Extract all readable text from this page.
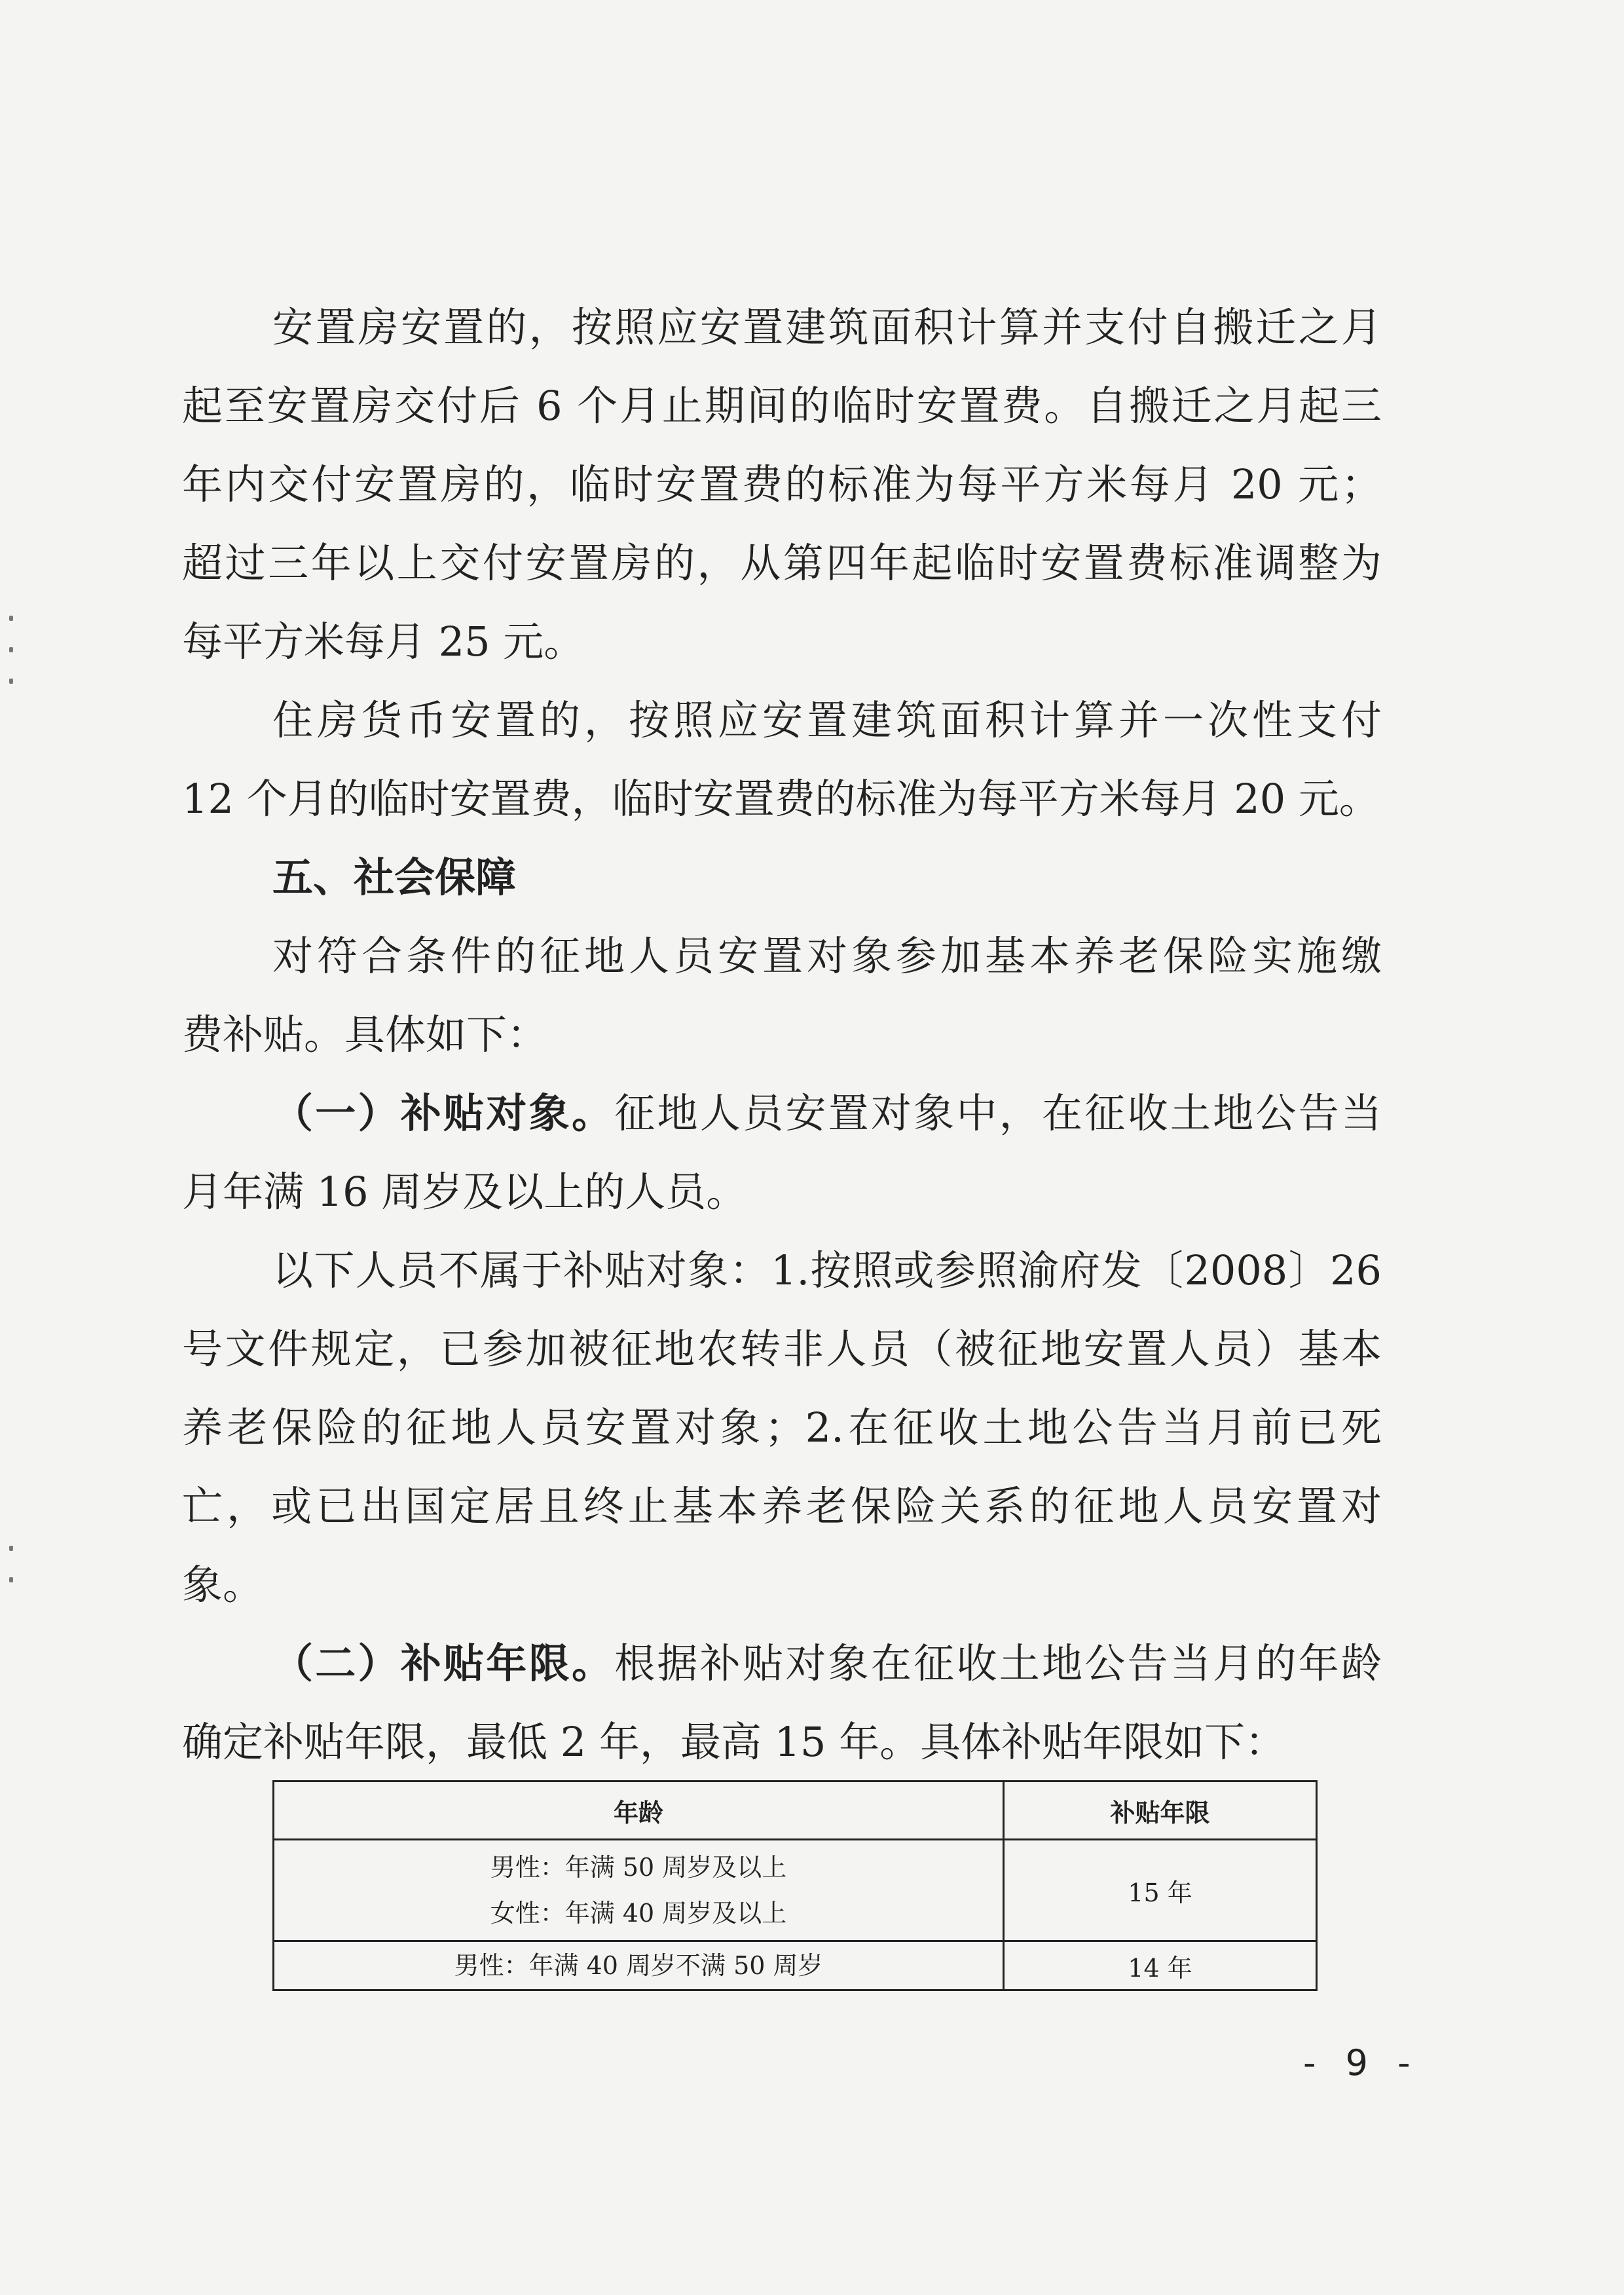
安置房安置的，按照应安置建筑面积计算并支付自搬迁之月
起至安置房交付后 6 个月止期间的临时安置费。自搬迁之月起三
年内交付安置房的，临时安置费的标准为每平方米每月 20 元；
超过三年以上交付安置房的，从第四年起临时安置费标准调整为
每平方米每月 25 元。

住房货币安置的，按照应安置建筑面积计算并一次性支付
12 个月的临时安置费，临时安置费的标准为每平方米每月 20 元。

五、社会保障

对符合条件的征地人员安置对象参加基本养老保险实施缴
费补贴。具体如下：

（一）补贴对象。征地人员安置对象中，在征收土地公告当
月年满 16 周岁及以上的人员。

以下人员不属于补贴对象：1.按照或参照渝府发〔2008〕26
号文件规定，已参加被征地农转非人员（被征地安置人员）基本
养老保险的征地人员安置对象；2.在征收土地公告当月前已死
亡，或已出国定居且终止基本养老保险关系的征地人员安置对
象。

（二）补贴年限。根据补贴对象在征收土地公告当月的年龄
确定补贴年限，最低 2 年，最高 15 年。具体补贴年限如下：

年龄	补贴年限

男性：年满 50 周岁及以上
女性：年满 40 周岁及以上	15 年

男性：年满 40 周岁不满 50 周岁	14 年
- 9 -
